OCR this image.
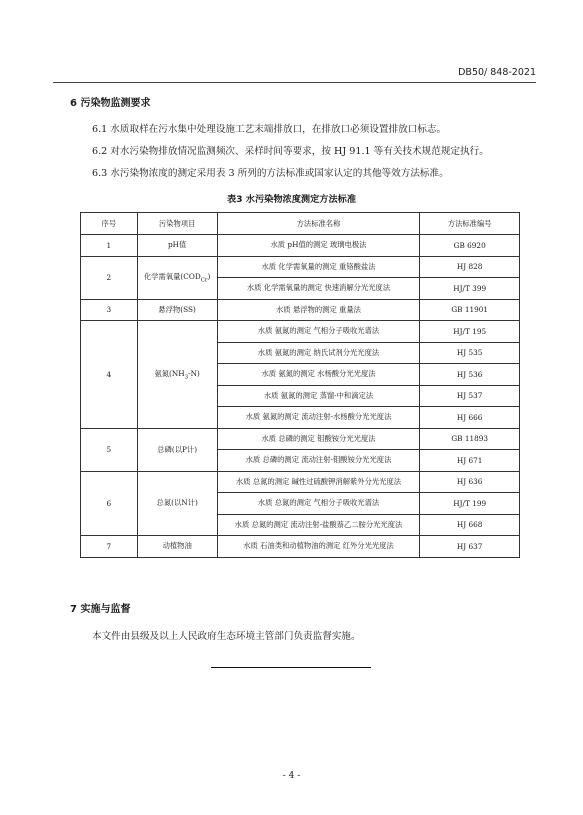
DB50/ 848-2021
6 污染物监测要求
6.1 水质取样在污水集中处理设施工艺末端排放口，在排放口必须设置排放口标志。
6.2 对水污染物排放情况监测频次、采样时间等要求，按 HJ 91.1 等有关技术规范规定执行。
6.3 水污染物浓度的测定采用表 3 所列的方法标准或国家认定的其他等效方法标准。
表3 水污染物浓度测定方法标准
序号	污染物项目	方法标准名称	方法标准编号
1	pH值	水质 pH值的测定 玻璃电极法	GB 6920
2	化学需氧量$(COD_{Cr})$	水质 化学需氧量的测定 重铬酸盐法	HJ 828
		水质 化学需氧量的测定 快速消解分光光度法	HJ/T 399
3	悬浮物(SS)	水质 悬浮物的测定 重量法	GB 11901
4	氨氮$(NH_3-N)$	水质 氨氮的测定 气相分子吸收光谱法	HJ/T 195
		水质 氨氮的测定 纳氏试剂分光光度法	HJ 535
		水质 氨氮的测定 水杨酸分光光度法	HJ 536
		水质 氨氮的测定 蒸馏-中和滴定法	HJ 537
		水质 氨氮的测定 流动注射-水杨酸分光光度法	HJ 666
5	总磷(以P计)	水质 总磷的测定 钼酸铵分光光度法	GB 11893
		水质 总磷的测定 流动注射-钼酸铵分光光度法	HJ 671
6	总氮(以N计)	水质 总氮的测定 碱性过硫酸钾消解紫外分光光度法	HJ 636
		水质 总氮的测定 气相分子吸收光谱法	HJ/T 199
		水质 总氮的测定 流动注射-盐酸萘乙二胺分光光度法	HJ 668
7	动植物油	水质 石油类和动植物油的测定 红外分光光度法	HJ 637
7 实施与监督
本文件由县级及以上人民政府生态环境主管部门负责监督实施。
- 4 -
